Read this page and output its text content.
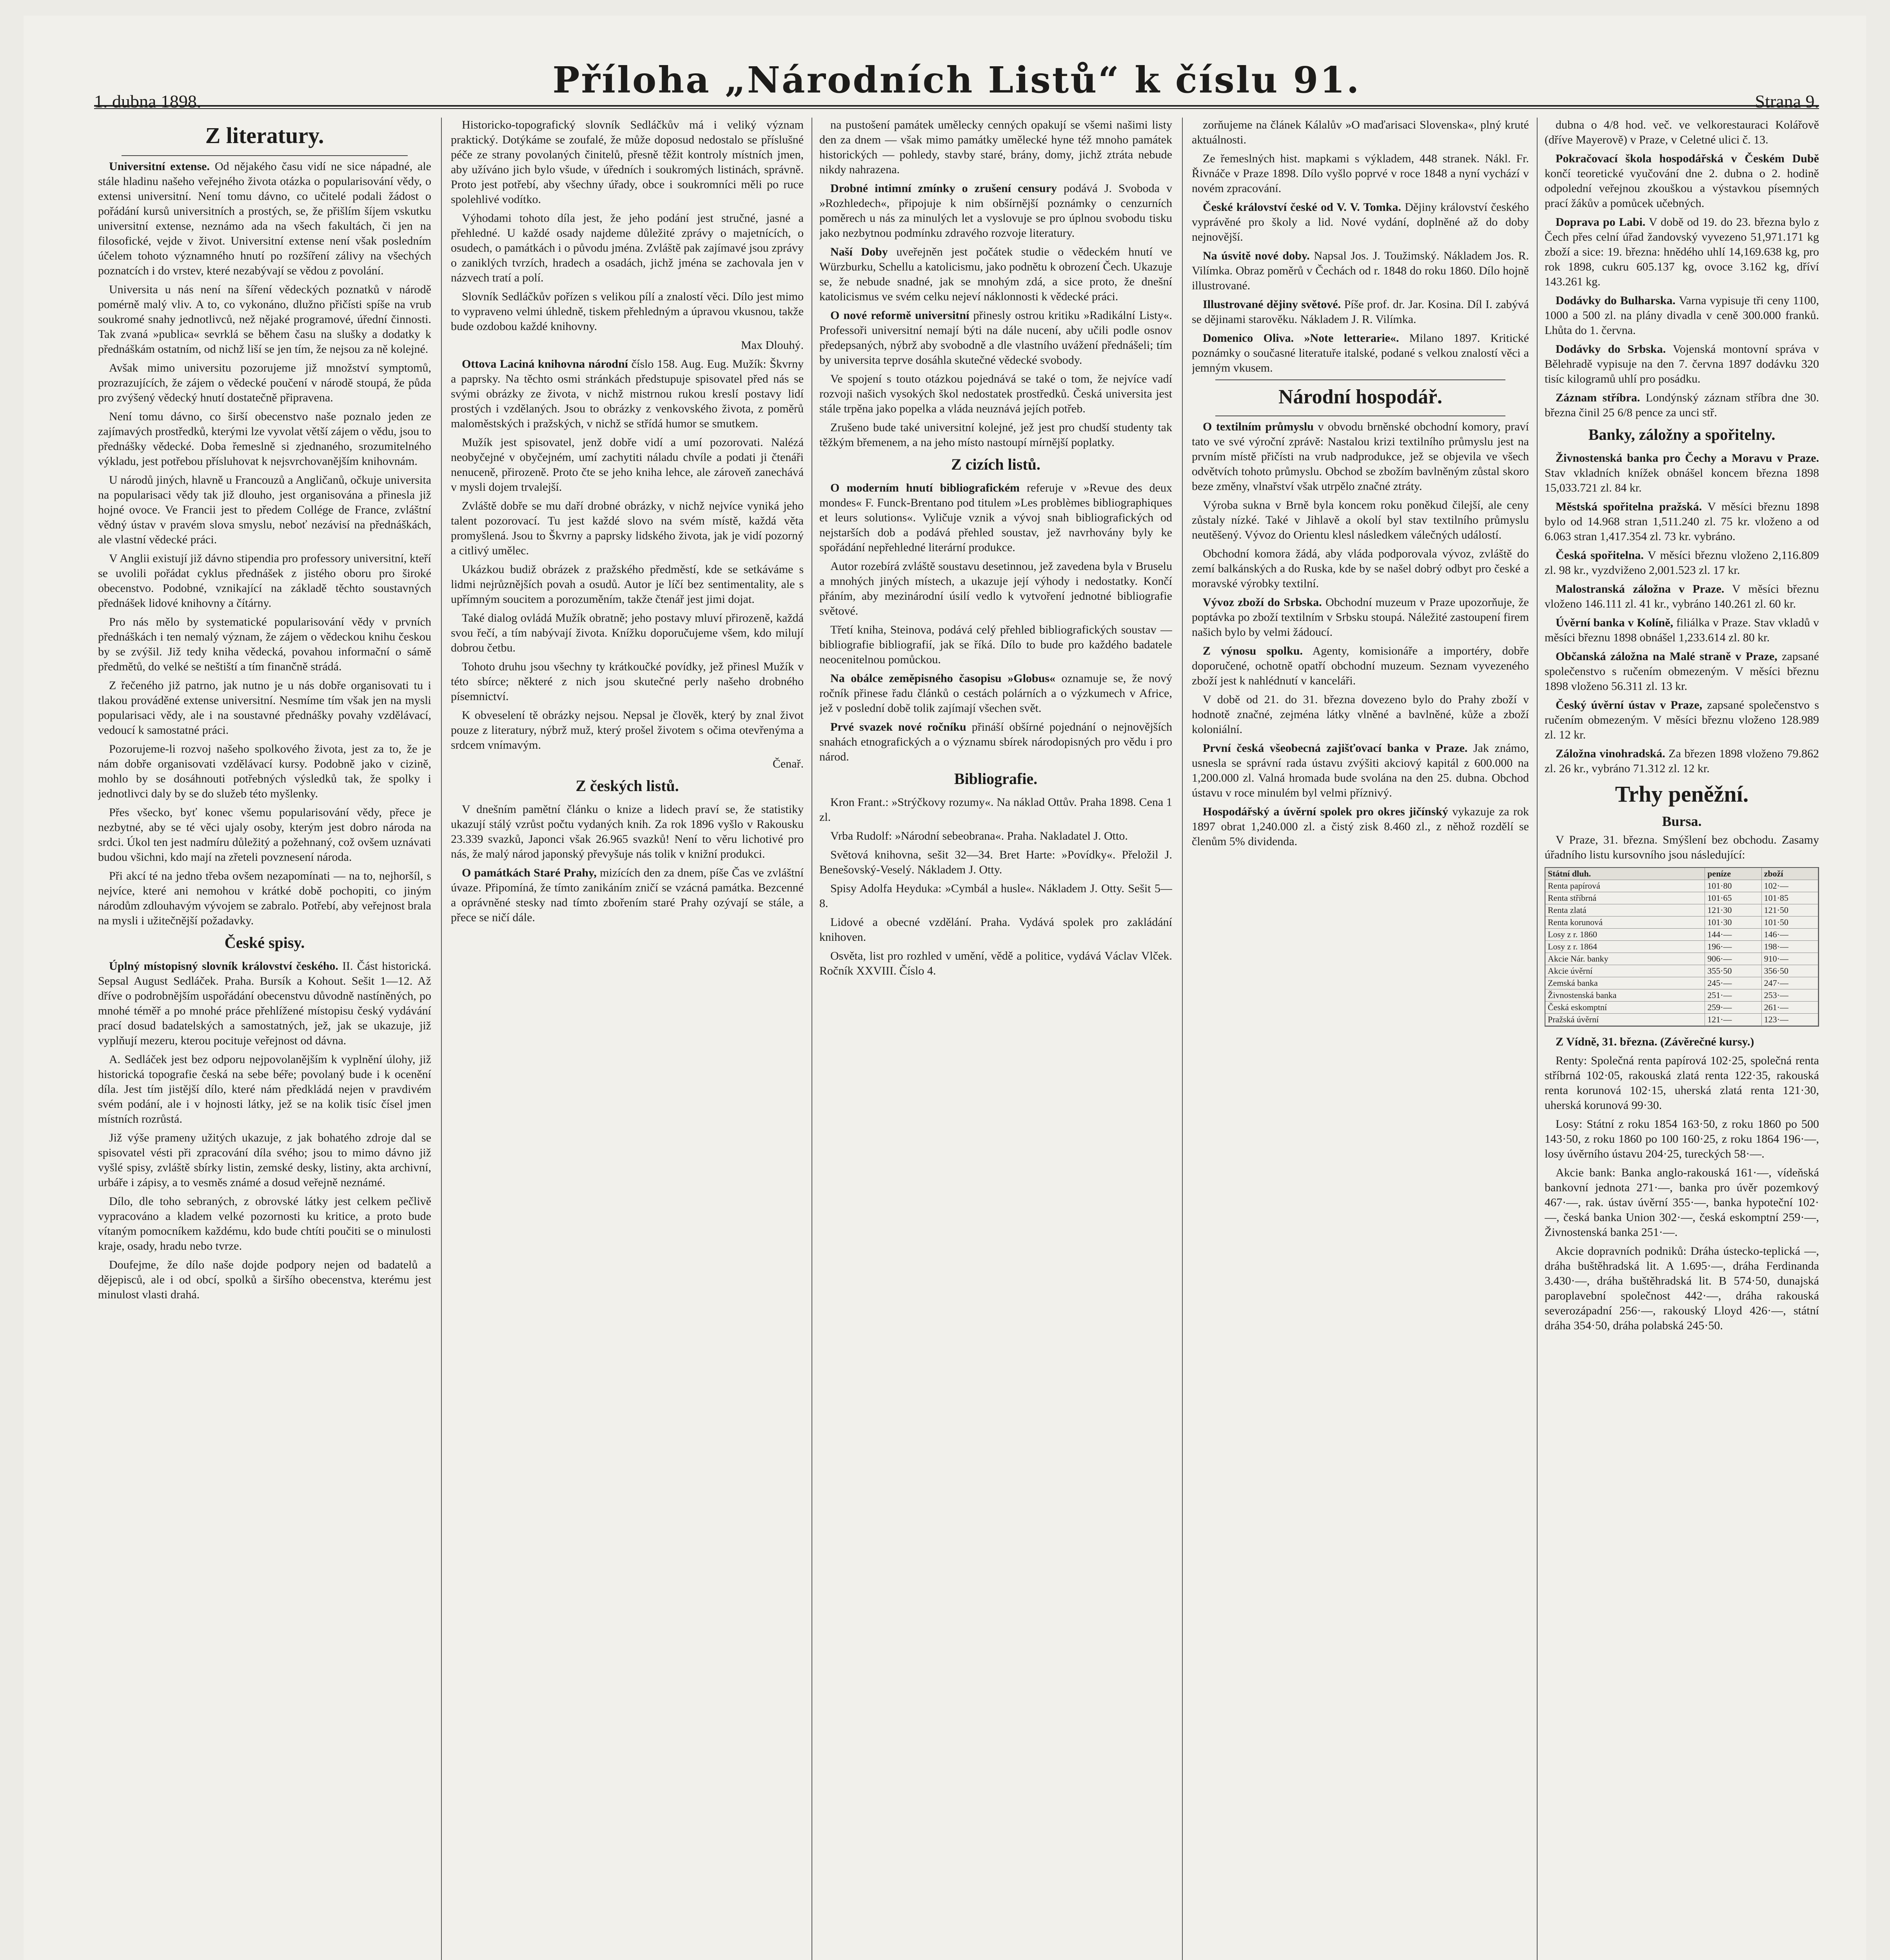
Příloha „Národních Listů“ k číslu 91.
1. dubna 1898.	Strana 9.
Z literatury.

Universitní extense. Od nějakého času vidí ne sice nápadné, ale stále hladinu našeho veřejného života otázka o popularisování vědy, o extensi universitní. Není tomu dávno, co učitelé podali žádost o pořádání kursů universitních a prostých, se, že přišlím šíjem vskutku universitní extense, neznámo ada na všech fakultách, či jen na filosofické, vejde v život. Universitní extense není však posledním účelem tohoto významného hnutí po rozšíření zálivy na všechých poznatcích i do vrstev, které nezabývají se vědou z povolání.

Universita u nás není na šíření vědeckých poznatků v národě pomérně malý vliv. A to, co vykonáno, dlužno přičísti spíše na vrub soukromé snahy jednotlivců, než nějaké programové, úřední činnosti. Tak zvaná »publica« sevrklá se během času na slušky a dodatky k přednáškám ostatním, od nichž liší se jen tím, že nejsou za ně kolejné.

Avšak mimo universitu pozorujeme již množství symptomů, prozrazujících, že zájem o vědecké poučení v národě stoupá, že půda pro zvýšený vědecký hnutí dostatečně připravena.

Není tomu dávno, co širší obecenstvo naše poznalo jeden ze zajímavých prostředků, kterými lze vyvolat větší zájem o vědu, jsou to přednášky vědecké. Doba řemeslně si zjednaného, srozumitelného výkladu, jest potřebou přísluhovat k nejsvrchovanějším knihovnám.

U národů jiných, hlavně u Francouzů a Angličanů, očkuje universita na popularisaci vědy tak již dlouho, jest organisována a přinesla již hojné ovoce. Ve Francii jest to předem Collége de France, zvláštní vědný ústav v pravém slova smyslu, neboť nezávisí na přednáškách, ale vlastní vědecké práci.

V Anglii existují již dávno stipendia pro professory universitní, kteří se uvolili pořádat cyklus přednášek z jistého oboru pro široké obecenstvo. Podobné, vznikající na základě těchto soustavných přednášek lidové knihovny a čítárny.

Pro nás mělo by systematické popularisování vědy v prvních přednáškách i ten nemalý význam, že zájem o vědeckou knihu českou by se zvýšil. Již tedy kniha vědecká, povahou informační o sámě předmětů, do velké se neštiští a tím finančně strádá.

Z řečeného již patrno, jak nutno je u nás dobře organisovati tu i tlakou prováděné extense universitní. Nesmíme tím však jen na mysli popularisaci vědy, ale i na soustavné přednášky povahy vzdělávací, vedoucí k samostatné práci.

Pozorujeme-li rozvoj našeho spolkového života, jest za to, že je nám dobře organisovati vzdělávací kursy. Podobně jako v cizině, mohlo by se dosáhnouti potřebných výsledků tak, že spolky i jednotlivci daly by se do služeb této myšlenky.

Přes všecko, byť konec všemu popularisování vědy, přece je nezbytné, aby se té věci ujaly osoby, kterým jest dobro národa na srdci. Úkol ten jest nadmíru důležitý a požehnaný, což ovšem uznávati budou všichni, kdo mají na zřeteli povznesení národa.

Při akcí té na jedno třeba ovšem nezapomínati — na to, nejhoršíl, s nejvíce, které ani nemohou v krátké době pochopiti, co jiným národům zdlouhavým vývojem se zabralo. Potřebí, aby veřejnost brala na mysli i užitečnější požadavky.

České spisy.

Úplný místopisný slovník království českého. II. Část historická. Sepsal August Sedláček. Praha. Bursík a Kohout. Sešit 1—12. Až dříve o podrobnějším uspořádání obecenstvu důvodně nastíněných, po mnohé téměř a po mnohé práce přehlížené místopisu český vydávání prací dosud badatelských a samostatných, jež, jak se ukazuje, již vyplňují mezeru, kterou pocituje veřejnost od dávna.

A. Sedláček jest bez odporu nejpovolanějším k vyplnění úlohy, již historická topografie česká na sebe béře; povolaný bude i k ocenění díla. Jest tím jistější dílo, které nám předkládá nejen v pravdivém svém podání, ale i v hojnosti látky, jež se na kolik tisíc čísel jmen místních rozrůstá.

Již výše prameny užitých ukazuje, z jak bohatého zdroje dal se spisovatel vésti při zpracování díla svého; jsou to mimo dávno již vyšlé spisy, zvláště sbírky listin, zemské desky, listiny, akta archivní, urbáře i zápisy, a to vesměs známé a dosud veřejně neznámé.

Dílo, dle toho sebraných, z obrovské látky jest celkem pečlivě vypracováno a kladem velké pozornosti ku kritice, a proto bude vítaným pomocníkem každému, kdo bude chtíti poučiti se o minulosti kraje, osady, hradu nebo tvrze.

Doufejme, že dílo naše dojde podpory nejen od badatelů a dějepisců, ale i od obcí, spolků a širšího obecenstva, kterému jest minulost vlasti drahá.

Historicko-topografický slovník Sedláčkův má i veliký význam praktický. Dotýkáme se zoufalé, že může doposud nedostalo se příslušné péče ze strany povolaných činitelů, přesně těžit kontroly místních jmen, aby užíváno jich bylo všude, v úředních i soukromých listinách, správně. Proto jest potřebí, aby všechny úřady, obce i soukromníci měli po ruce spolehlivé vodítko.

Výhodami tohoto díla jest, že jeho podání jest stručné, jasné a přehledné. U každé osady najdeme důležité zprávy o majetnících, o osudech, o památkách i o původu jména. Zvláště pak zajímavé jsou zprávy o zaniklých tvrzích, hradech a osadách, jichž jména se zachovala jen v názvech tratí a polí.

Slovník Sedláčkův pořízen s velikou pílí a znalostí věci. Dílo jest mimo to vypraveno velmi úhledně, tiskem přehledným a úpravou vkusnou, takže bude ozdobou každé knihovny.

Max Dlouhý.

Ottova Laciná knihovna národní číslo 158. Aug. Eug. Mužík: Škvrny a paprsky. Na těchto osmi stránkách předstupuje spisovatel před nás se svými obrázky ze života, v nichž mistrnou rukou kreslí postavy lidí prostých i vzdělaných. Jsou to obrázky z venkovského života, z poměrů maloměstských i pražských, v nichž se střídá humor se smutkem.

Mužík jest spisovatel, jenž dobře vidí a umí pozorovati. Nalézá neobyčejné v obyčejném, umí zachytiti náladu chvíle a podati ji čtenáři nenuceně, přirozeně. Proto čte se jeho kniha lehce, ale zároveň zanechává v mysli dojem trvalejší.

Zvláště dobře se mu daří drobné obrázky, v nichž nejvíce vyniká jeho talent pozorovací. Tu jest každé slovo na svém místě, každá věta promyšlená. Jsou to Škvrny a paprsky lidského života, jak je vidí pozorný a citlivý umělec.

Ukázkou budiž obrázek z pražského předměstí, kde se setkáváme s lidmi nejrůznějších povah a osudů. Autor je líčí bez sentimentality, ale s upřímným soucitem a porozuměním, takže čtenář jest jimi dojat.

Také dialog ovládá Mužík obratně; jeho postavy mluví přirozeně, každá svou řečí, a tím nabývají života. Knížku doporučujeme všem, kdo milují dobrou četbu.

Tohoto druhu jsou všechny ty krátkoučké povídky, jež přinesl Mužík v této sbírce; některé z nich jsou skutečné perly našeho drobného písemnictví.

K obveselení tě obrázky nejsou. Nepsal je člověk, který by znal život pouze z literatury, nýbrž muž, který prošel životem s očima otevřenýma a srdcem vnímavým.

Čenař.

Z českých listů.

V dnešním pamětní článku o knize a lidech praví se, že statistiky ukazují stálý vzrůst počtu vydaných knih. Za rok 1896 vyšlo v Rakousku 23.339 svazků, Japonci však 26.965 svazků! Není to věru lichotivé pro nás, že malý národ japonský převyšuje nás tolik v knižní produkci.

O památkách Staré Prahy, mizících den za dnem, píše Čas ve zvláštní úvaze. Připomíná, že tímto zanikáním zničí se vzácná památka. Bezcenné a oprávněné stesky nad tímto zbořením staré Prahy ozývají se stále, a přece se ničí dále.

na pustošení památek umělecky cenných opakují se všemi našimi listy den za dnem — však mimo památky umělecké hyne též mnoho památek historických — pohledy, stavby staré, brány, domy, jichž ztráta nebude nikdy nahrazena.

Drobné intimní zmínky o zrušení censury podává J. Svoboda v »Rozhledech«, připojuje k nim obšírnější poznámky o cenzurních poměrech u nás za minulých let a vyslovuje se pro úplnou svobodu tisku jako nezbytnou podmínku zdravého rozvoje literatury.

Naší Doby uveřejněn jest počátek studie o vědeckém hnutí ve Würzburku, Schellu a katolicismu, jako podnětu k obrození Čech. Ukazuje se, že nebude snadné, jak se mnohým zdá, a sice proto, že dnešní katolicismus ve svém celku nejeví náklonnosti k vědecké práci.

O nové reformě universitní přinesly ostrou kritiku »Radikální Listy«. Professoři universitní nemají býti na dále nucení, aby učili podle osnov předepsaných, nýbrž aby svobodně a dle vlastního uvážení přednášeli; tím by universita teprve dosáhla skutečné vědecké svobody.

Ve spojení s touto otázkou pojednává se také o tom, že nejvíce vadí rozvoji našich vysokých škol nedostatek prostředků. Česká universita jest stále trpěna jako popelka a vláda neuznává jejích potřeb.

Zrušeno bude také universitní kolejné, jež jest pro chudší studenty tak těžkým břemenem, a na jeho místo nastoupí mírnější poplatky.

Z cizích listů.

O moderním hnutí bibliografickém referuje v »Revue des deux mondes« F. Funck-Brentano pod titulem »Les problèmes bibliographiques et leurs solutions«. Vyličuje vznik a vývoj snah bibliografických od nejstarších dob a podává přehled soustav, jež navrhovány byly ke spořádání nepřehledné literární produkce.

Autor rozebírá zvláště soustavu desetinnou, jež zavedena byla v Bruselu a mnohých jiných místech, a ukazuje její výhody i nedostatky. Končí přáním, aby mezinárodní úsilí vedlo k vytvoření jednotné bibliografie světové.

Třetí kniha, Steinova, podává celý přehled bibliografických soustav — bibliografie bibliografií, jak se říká. Dílo to bude pro každého badatele neocenitelnou pomůckou.

Na obálce zeměpisného časopisu »Globus« oznamuje se, že nový ročník přinese řadu článků o cestách polárních a o výzkumech v Africe, jež v poslední době tolik zajímají všechen svět.

Prvé svazek nové ročníku přináší obšírné pojednání o nejnovějších snahách etnografických a o významu sbírek národopisných pro vědu i pro národ.

Bibliografie.

Kron Frant.: »Strýčkovy rozumy«. Na náklad Ottův. Praha 1898. Cena 1 zl.

Vrba Rudolf: »Národní sebeobrana«. Praha. Nakladatel J. Otto.

Světová knihovna, sešit 32—34. Bret Harte: »Povídky«. Přeložil J. Benešovský-Veselý. Nákladem J. Otty.

Spisy Adolfa Heyduka: »Cymbál a husle«. Nákladem J. Otty. Sešit 5—8.

Lidové a obecné vzdělání. Praha. Vydává spolek pro zakládání knihoven.

Osvěta, list pro rozhled v umění, vědě a politice, vydává Václav Vlček. Ročník XXVIII. Číslo 4.

zorňujeme na článek Kálalův »O maďarisaci Slovenska«, plný kruté aktuálnosti.

Ze řemeslných hist. mapkami s výkladem, 448 stranek. Nákl. Fr. Řivnáče v Praze 1898. Dílo vyšlo poprvé v roce 1848 a nyní vychází v novém zpracování.

České království české od V. V. Tomka. Dějiny království českého vyprávěné pro školy a lid. Nové vydání, doplněné až do doby nejnovější.

Na úsvitě nové doby. Napsal Jos. J. Toužimský. Nákladem Jos. R. Vilímka. Obraz poměrů v Čechách od r. 1848 do roku 1860. Dílo hojně illustrované.

Illustrované dějiny světové. Píše prof. dr. Jar. Kosina. Díl I. zabývá se dějinami starověku. Nákladem J. R. Vilímka.

Domenico Oliva. »Note letterarie«. Milano 1897. Kritické poznámky o současné literatuře italské, podané s velkou znalostí věci a jemným vkusem.

Národní hospodář.

O textilním průmyslu v obvodu brněnské obchodní komory, praví tato ve své výroční zprávě: Nastalou krizi textilního průmyslu jest na prvním místě přičísti na vrub nadprodukce, jež se objevila ve všech odvětvích tohoto průmyslu. Obchod se zbožím bavlněným zůstal skoro beze změny, vlnařství však utrpělo značné ztráty.

Výroba sukna v Brně byla koncem roku poněkud čilejší, ale ceny zůstaly nízké. Také v Jihlavě a okolí byl stav textilního průmyslu neutěšený. Vývoz do Orientu klesl následkem válečných událostí.

Obchodní komora žádá, aby vláda podporovala vývoz, zvláště do zemí balkánských a do Ruska, kde by se našel dobrý odbyt pro české a moravské výrobky textilní.

Vývoz zboží do Srbska. Obchodní muzeum v Praze upozorňuje, že poptávka po zboží textilním v Srbsku stoupá. Náležité zastoupení firem našich bylo by velmi žádoucí.

Z výnosu spolku. Agenty, komisionáře a importéry, dobře doporučené, ochotně opatří obchodní muzeum. Seznam vyvezeného zboží jest k nahlédnutí v kanceláři.

V době od 21. do 31. března dovezeno bylo do Prahy zboží v hodnotě značné, zejména látky vlněné a bavlněné, kůže a zboží koloniální.

První česká všeobecná zajišťovací banka v Praze. Jak známo, usnesla se správní rada ústavu zvýšiti akciový kapitál z 600.000 na 1,200.000 zl. Valná hromada bude svolána na den 25. dubna. Obchod ústavu v roce minulém byl velmi příznivý.

Hospodářský a úvěrní spolek pro okres jičínský vykazuje za rok 1897 obrat 1,240.000 zl. a čistý zisk 8.460 zl., z něhož rozdělí se členům 5% dividenda.

dubna o 4/8 hod. več. ve velkorestauraci Kolářově (dříve Mayerově) v Praze, v Celetné ulici č. 13.

Pokračovací škola hospodářská v Českém Dubě končí teoretické vyučování dne 2. dubna o 2. hodině odpolední veřejnou zkouškou a výstavkou písemných prací žákův a pomůcek učebných.

Doprava po Labi. V době od 19. do 23. března bylo z Čech přes celní úřad žandovský vyvezeno 51,971.171 kg zboží a sice: 19. března: hnědého uhlí 14,169.638 kg, pro rok 1898, cukru 605.137 kg, ovoce 3.162 kg, dříví 143.261 kg.

Dodávky do Bulharska. Varna vypisuje tři ceny 1100, 1000 a 500 zl. na plány divadla v ceně 300.000 franků. Lhůta do 1. června.

Dodávky do Srbska. Vojenská montovní správa v Bělehradě vypisuje na den 7. června 1897 dodávku 320 tisíc kilogramů uhlí pro posádku.

Záznam stříbra. Londýnský záznam stříbra dne 30. března činil 25 6/8 pence za unci stř.

Banky, záložny a spořitelny.

Živnostenská banka pro Čechy a Moravu v Praze. Stav vkladních knížek obnášel koncem března 1898 15,033.721 zl. 84 kr.

Městská spořitelna pražská. V měsíci březnu 1898 bylo od 14.968 stran 1,511.240 zl. 75 kr. vloženo a od 6.063 stran 1,417.354 zl. 73 kr. vybráno.

Česká spořitelna. V měsíci březnu vloženo 2,116.809 zl. 98 kr., vyzdviženo 2,001.523 zl. 17 kr.

Malostranská záložna v Praze. V měsíci březnu vloženo 146.111 zl. 41 kr., vybráno 140.261 zl. 60 kr.

Úvěrní banka v Kolíně, filiálka v Praze. Stav vkladů v měsíci březnu 1898 obnášel 1,233.614 zl. 80 kr.

Občanská záložna na Malé straně v Praze, zapsané společenstvo s ručením obmezeným. V měsíci březnu 1898 vloženo 56.311 zl. 13 kr.

Český úvěrní ústav v Praze, zapsané společenstvo s ručením obmezeným. V měsíci březnu vloženo 128.989 zl. 12 kr.

Záložna vinohradská. Za březen 1898 vloženo 79.862 zl. 26 kr., vybráno 71.312 zl. 12 kr.

Trhy peněžní.
Bursa.

V Praze, 31. března. Smýšlení bez obchodu. Zasamy úřadního listu kursovního jsou následující:

Státní dluh.	peníze	zboží
Renta papírová	101·80	102·—
Renta stříbrná	101·65	101·85
Renta zlatá	121·30	121·50
Renta korunová	101·30	101·50
Losy z r. 1860	144·—	146·—
Losy z r. 1864	196·—	198·—
Akcie Nár. banky	906·—	910·—
Akcie úvěrní	355·50	356·50
Zemská banka	245·—	247·—
Živnostenská banka	251·—	253·—
Česká eskomptní	259·—	261·—
Pražská úvěrní	121·—	123·—

Z Vídně, 31. března. (Závěrečné kursy.)

Renty: Společná renta papírová 102·25, společná renta stříbrná 102·05, rakouská zlatá renta 122·35, rakouská renta korunová 102·15, uherská zlatá renta 121·30, uherská korunová 99·30.

Losy: Státní z roku 1854 163·50, z roku 1860 po 500 143·50, z roku 1860 po 100 160·25, z roku 1864 196·—, losy úvěrního ústavu 204·25, tureckých 58·—.

Akcie bank: Banka anglo-rakouská 161·—, vídeňská bankovní jednota 271·—, banka pro úvěr pozemkový 467·—, rak. ústav úvěrní 355·—, banka hypoteční 102·—, česká banka Union 302·—, česká eskomptní 259·—, Živnostenská banka 251·—.

Akcie dopravních podniků: Dráha ústecko-teplická —, dráha buštěhradská lit. A 1.695·—, dráha Ferdinanda 3.430·—, dráha buštěhradská lit. B 574·50, dunajská paroplavební společnost 442·—, dráha rakouská severozápadní 256·—, rakouský Lloyd 426·—, státní dráha 354·50, dráha polabská 245·50.
